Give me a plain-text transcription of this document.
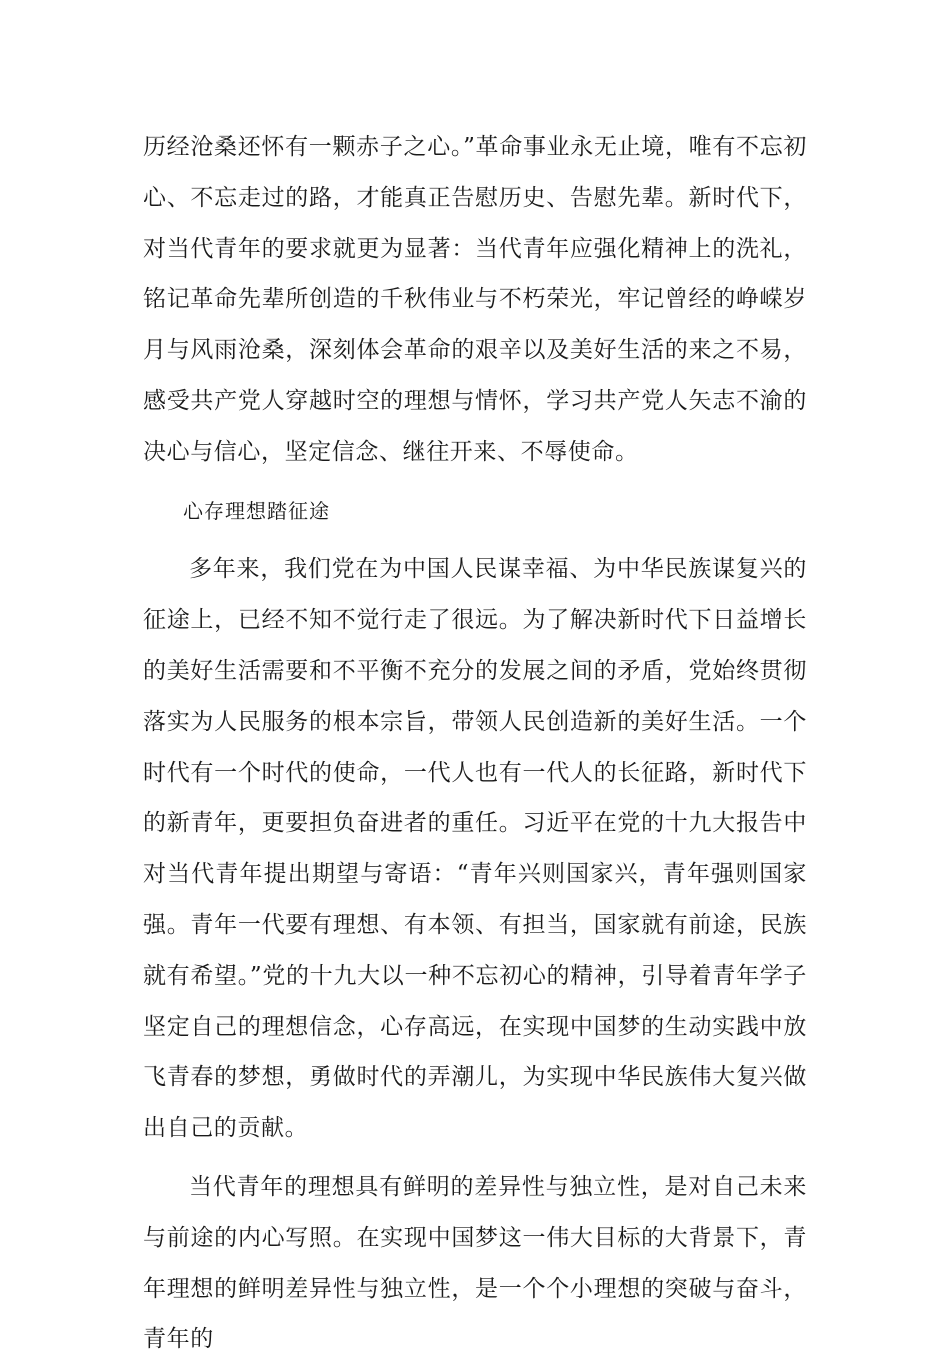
历经沧桑还怀有一颗赤子之心。”革命事业永无止境，唯有不忘初心、不忘走过的路，才能真正告慰历史、告慰先辈。新时代下，对当代青年的要求就更为显著：当代青年应强化精神上的洗礼，铭记革命先辈所创造的千秋伟业与不朽荣光，牢记曾经的峥嵘岁月与风雨沧桑，深刻体会革命的艰辛以及美好生活的来之不易，感受共产党人穿越时空的理想与情怀，学习共产党人矢志不渝的决心与信心，坚定信念、继往开来、不辱使命。

心存理想踏征途

多年来，我们党在为中国人民谋幸福、为中华民族谋复兴的征途上，已经不知不觉行走了很远。为了解决新时代下日益增长的美好生活需要和不平衡不充分的发展之间的矛盾，党始终贯彻落实为人民服务的根本宗旨，带领人民创造新的美好生活。一个时代有一个时代的使命，一代人也有一代人的长征路，新时代下的新青年，更要担负奋进者的重任。习近平在党的十九大报告中对当代青年提出期望与寄语：“青年兴则国家兴，青年强则国家强。青年一代要有理想、有本领、有担当，国家就有前途，民族就有希望。”党的十九大以一种不忘初心的精神，引导着青年学子坚定自己的理想信念，心存高远，在实现中国梦的生动实践中放飞青春的梦想，勇做时代的弄潮儿，为实现中华民族伟大复兴做出自己的贡献。

当代青年的理想具有鲜明的差异性与独立性，是对自己未来与前途的内心写照。在实现中国梦这一伟大目标的大背景下，青年理想的鲜明差异性与独立性，是一个个小理想的突破与奋斗，青年的
